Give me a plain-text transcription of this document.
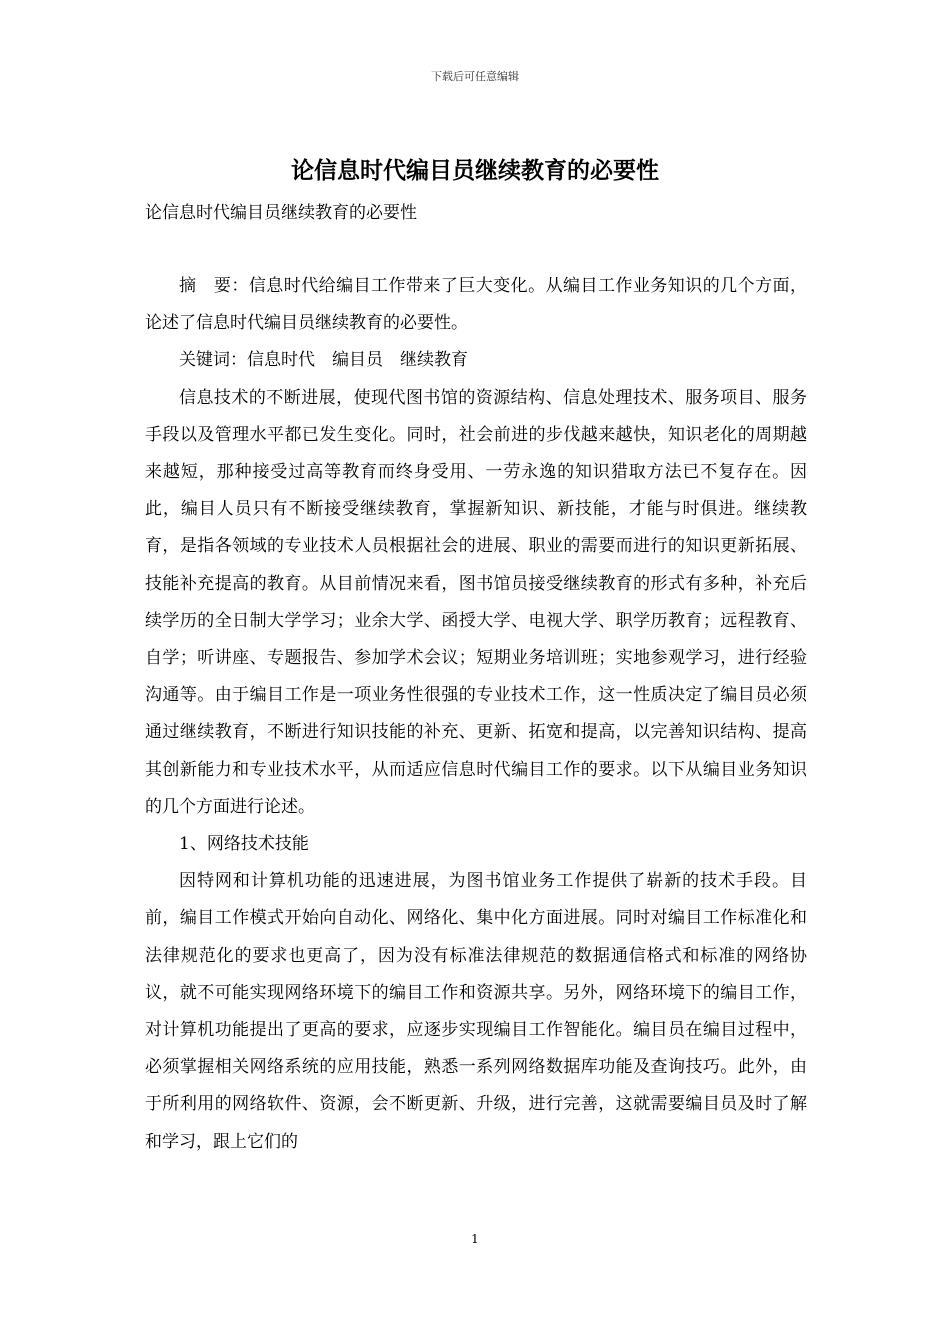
下载后可任意编辑
论信息时代编目员继续教育的必要性
论信息时代编目员继续教育的必要性

摘　要：信息时代给编目工作带来了巨大变化。从编目工作业务知识的几个方面，论述了信息时代编目员继续教育的必要性。

关键词：信息时代　编目员　继续教育

信息技术的不断进展，使现代图书馆的资源结构、信息处理技术、服务项目、服务手段以及管理水平都已发生变化。同时，社会前进的步伐越来越快，知识老化的周期越来越短，那种接受过高等教育而终身受用、一劳永逸的知识猎取方法已不复存在。因此，编目人员只有不断接受继续教育，掌握新知识、新技能，才能与时俱进。继续教育，是指各领域的专业技术人员根据社会的进展、职业的需要而进行的知识更新拓展、技能补充提高的教育。从目前情况来看，图书馆员接受继续教育的形式有多种，补充后续学历的全日制大学学习；业余大学、函授大学、电视大学、职学历教育；远程教育、自学；听讲座、专题报告、参加学术会议；短期业务培训班；实地参观学习，进行经验沟通等。由于编目工作是一项业务性很强的专业技术工作，这一性质决定了编目员必须通过继续教育，不断进行知识技能的补充、更新、拓宽和提高，以完善知识结构、提高其创新能力和专业技术水平，从而适应信息时代编目工作的要求。以下从编目业务知识的几个方面进行论述。

1、网络技术技能

因特网和计算机功能的迅速进展，为图书馆业务工作提供了崭新的技术手段。目前，编目工作模式开始向自动化、网络化、集中化方面进展。同时对编目工作标准化和法律规范化的要求也更高了，因为没有标准法律规范的数据通信格式和标准的网络协议，就不可能实现网络环境下的编目工作和资源共享。另外，网络环境下的编目工作，对计算机功能提出了更高的要求，应逐步实现编目工作智能化。编目员在编目过程中，必须掌握相关网络系统的应用技能，熟悉一系列网络数据库功能及查询技巧。此外，由于所利用的网络软件、资源，会不断更新、升级，进行完善，这就需要编目员及时了解和学习，跟上它们的

1
